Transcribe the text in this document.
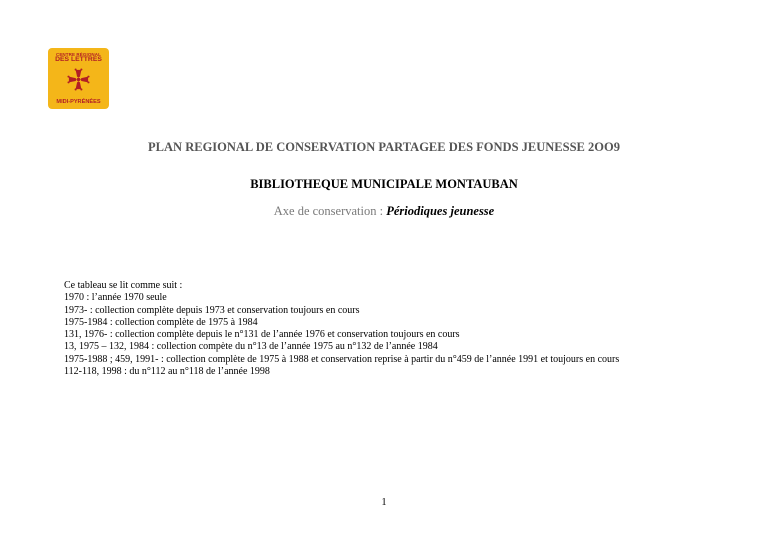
CENTRE RÉGIONAL
DES LETTRES
MIDI-PYRÉNÉES
PLAN REGIONAL DE CONSERVATION PARTAGEE DES FONDS JEUNESSE 2OO9
BIBLIOTHEQUE MUNICIPALE MONTAUBAN
Axe de conservation : Périodiques jeunesse
Ce tableau se lit comme suit :
1970 : l’année 1970 seule
1973- : collection complète depuis 1973 et conservation toujours en cours
1975-1984 : collection complète de 1975 à 1984
131, 1976- : collection complète depuis le n°131 de l’année 1976 et conservation toujours en cours
13, 1975 – 132, 1984 : collection compète du n°13 de l’année 1975 au n°132 de l’année 1984
1975-1988 ; 459, 1991- : collection complète de 1975 à 1988 et conservation reprise à partir du n°459 de l’année 1991 et toujours en cours
112-118, 1998 : du n°112 au n°118 de l’année 1998
1
